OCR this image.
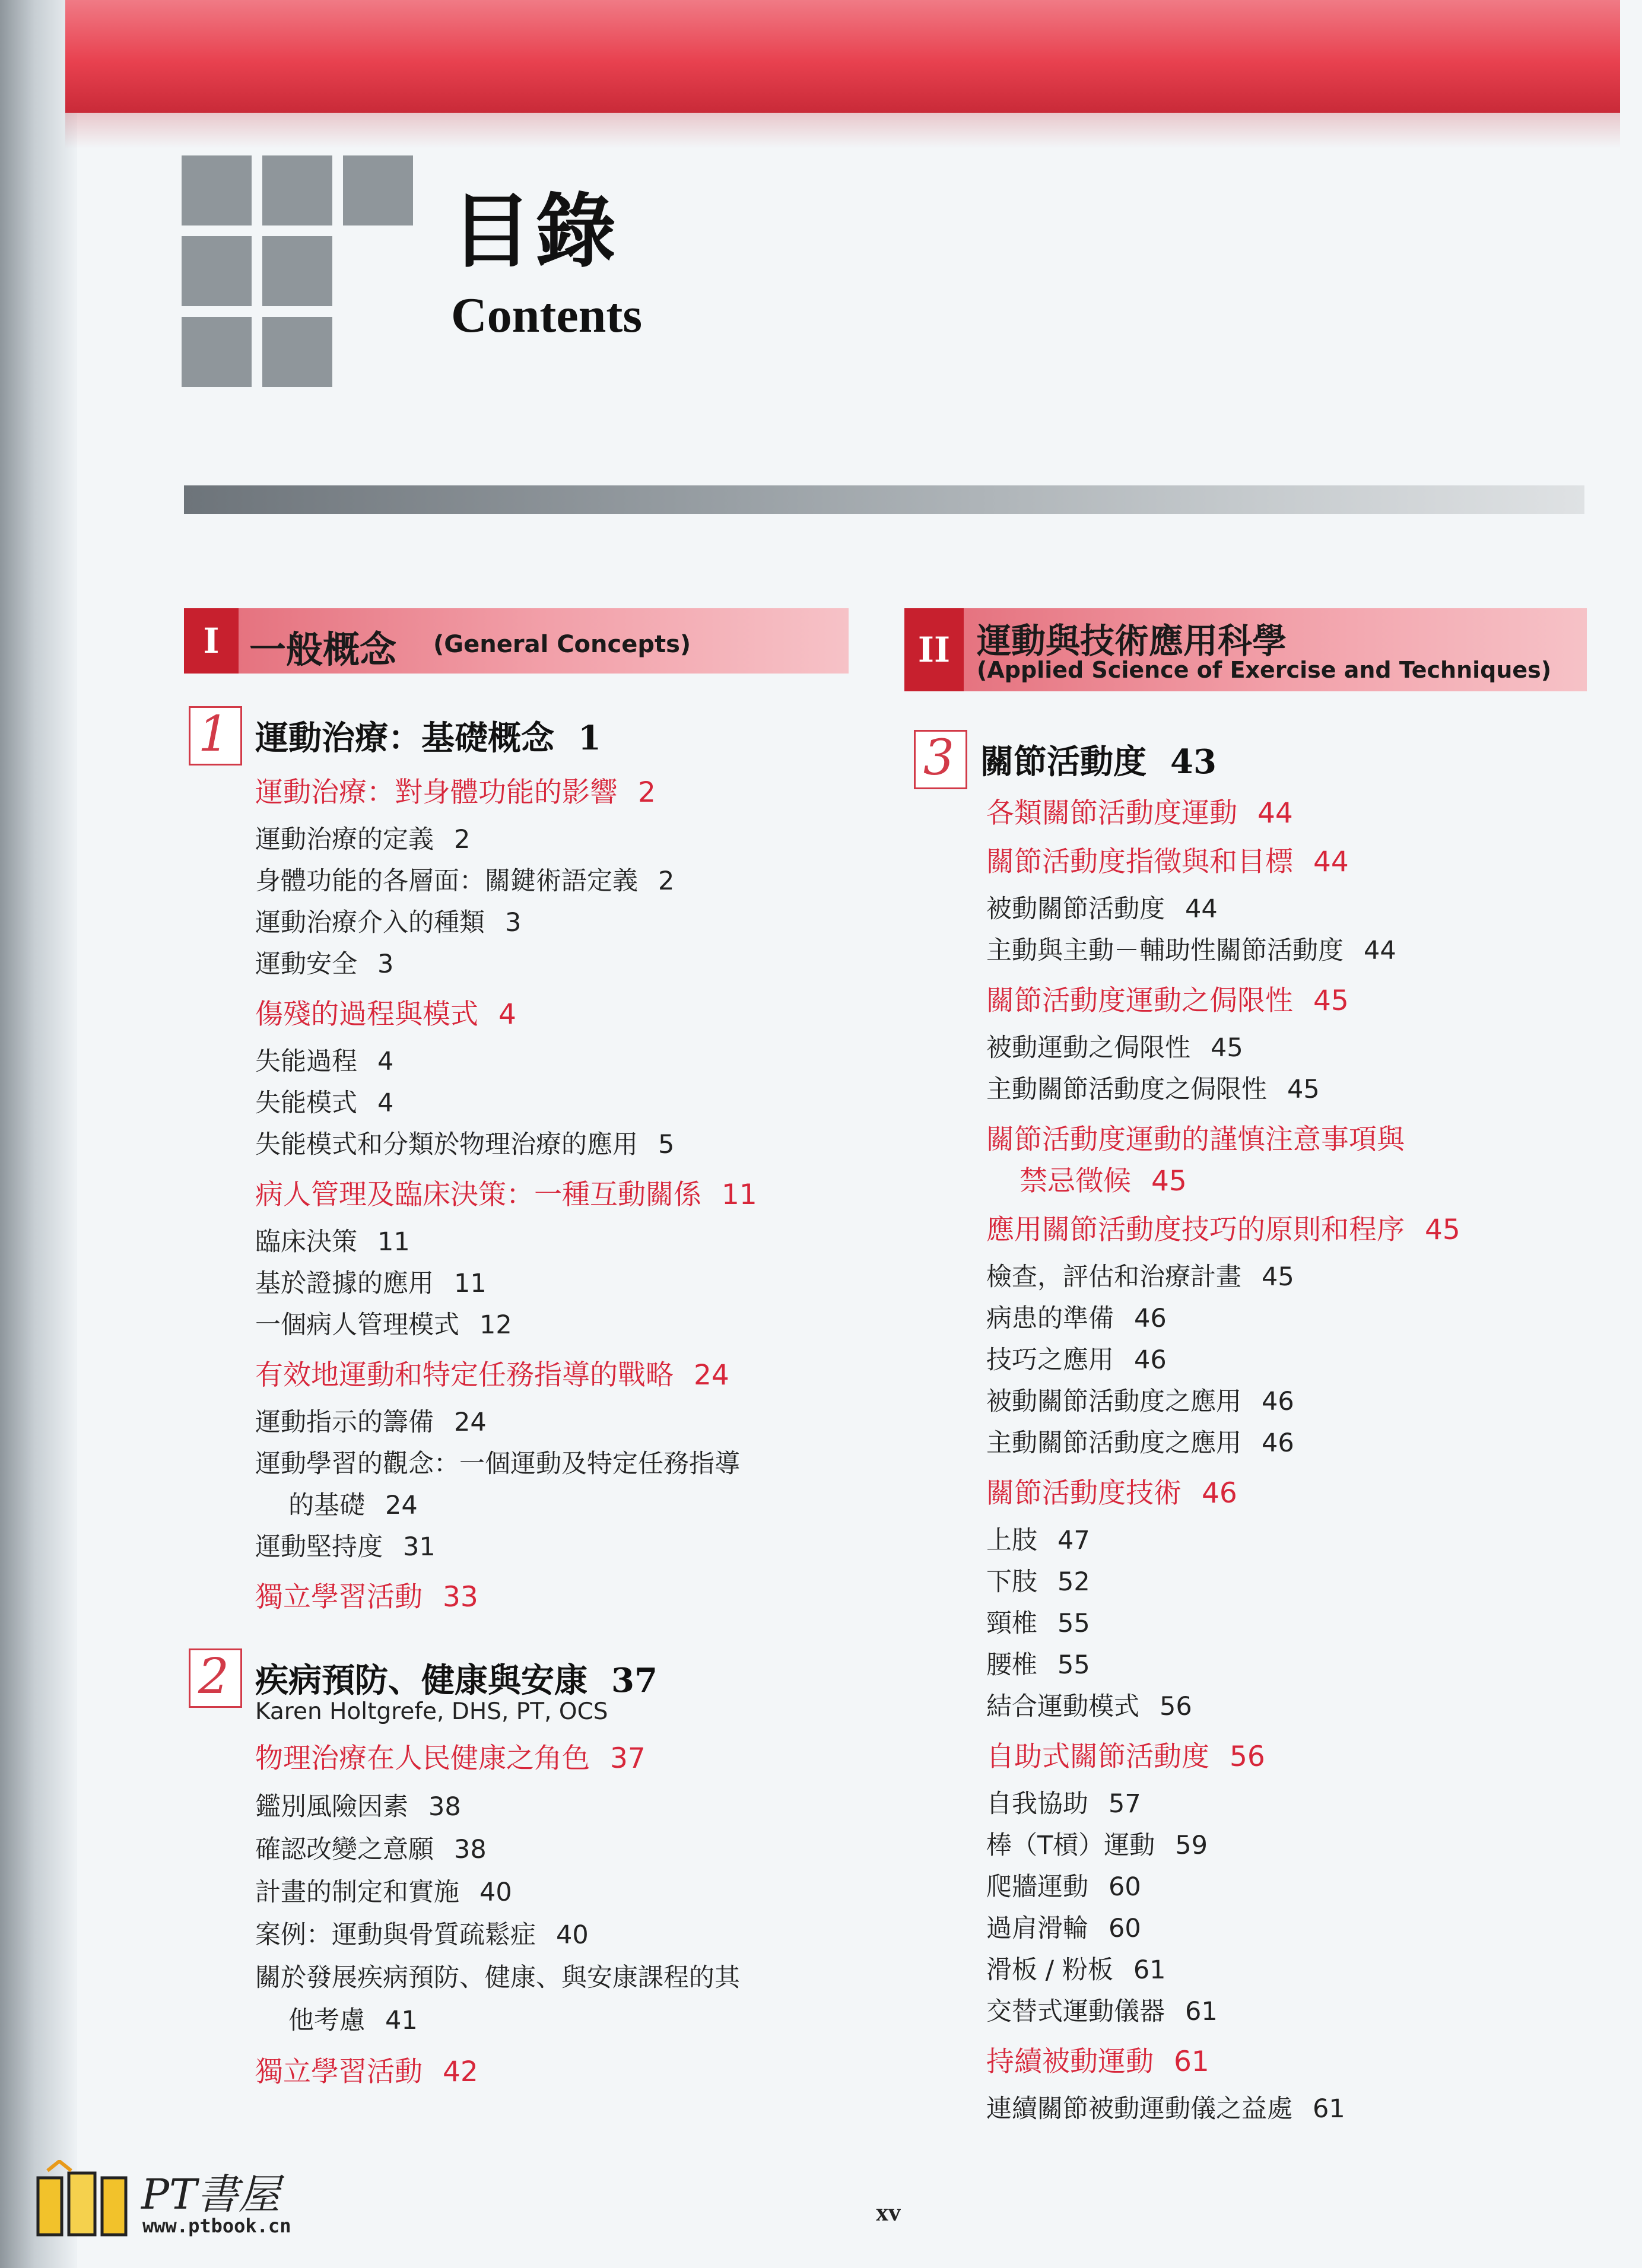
目錄
Contents
I 一般概念 (General Concepts)	II 運動與技術應用科學
(Applied Science of Exercise and Techniques)
1 運動治療：基礎概念 1
運動治療：對身體功能的影響 2
運動治療的定義 2
身體功能的各層面：關鍵術語定義 2
運動治療介入的種類 3
運動安全 3
傷殘的過程與模式 4
失能過程 4
失能模式 4
失能模式和分類於物理治療的應用 5
病人管理及臨床決策：一種互動關係 11
臨床決策 11
基於證據的應用 11
一個病人管理模式 12
有效地運動和特定任務指導的戰略 24
運動指示的籌備 24
運動學習的觀念：一個運動及特定任務指導
的基礎 24
運動堅持度 31
獨立學習活動 33
2 疾病預防、健康與安康 37
Karen Holtgrefe, DHS, PT, OCS
物理治療在人民健康之角色 37
鑑別風險因素 38
確認改變之意願 38
計畫的制定和實施 40
案例：運動與骨質疏鬆症 40
關於發展疾病預防、健康、與安康課程的其
他考慮 41
獨立學習活動 42
3 關節活動度 43
各類關節活動度運動 44
關節活動度指徵與和目標 44
被動關節活動度 44
主動與主動－輔助性關節活動度 44
關節活動度運動之侷限性 45
被動運動之侷限性 45
主動關節活動度之侷限性 45
關節活動度運動的謹慎注意事項與
禁忌徵候 45
應用關節活動度技巧的原則和程序 45
檢查，評估和治療計畫 45
病患的準備 46
技巧之應用 46
被動關節活動度之應用 46
主動關節活動度之應用 46
關節活動度技術 46
上肢 47
下肢 52
頸椎 55
腰椎 55
結合運動模式 56
自助式關節活動度 56
自我協助 57
棒（T槓）運動 59
爬牆運動 60
過肩滑輪 60
滑板 / 粉板 61
交替式運動儀器 61
持續被動運動 61
連續關節被動運動儀之益處 61
xv
PT書屋
www.ptbook.cn
